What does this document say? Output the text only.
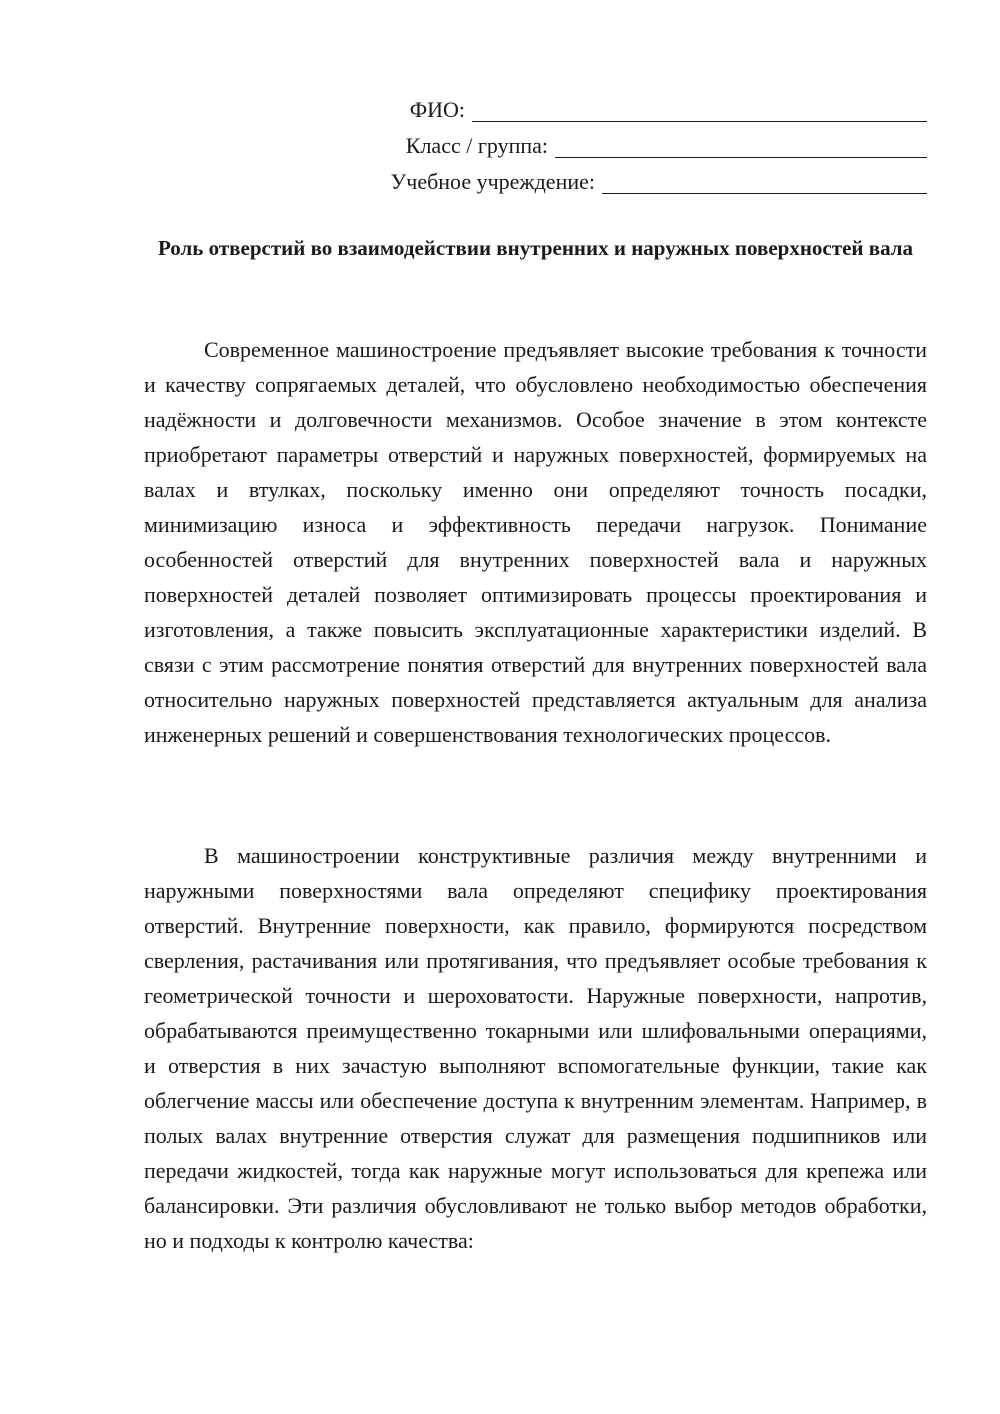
ФИО:
Класс / группа:
Учебное учреждение:
Роль отверстий во взаимодействии внутренних и наружных поверхностей вала

Современное машиностроение предъявляет высокие требования к точности и качеству сопрягаемых деталей, что обусловлено необходимостью обеспечения надёжности и долговечности механизмов. Особое значение в этом контексте приобретают параметры отверстий и наружных поверхностей, формируемых на валах и втулках, поскольку именно они определяют точность посадки, минимизацию износа и эффективность передачи нагрузок. Понимание особенностей отверстий для внутренних поверхностей вала и наружных поверхностей деталей позволяет оптимизировать процессы проектирования и изготовления, а также повысить эксплуатационные характеристики изделий. В связи с этим рассмотрение понятия отверстий для внутренних поверхностей вала относительно наружных поверхностей представляется актуальным для анализа инженерных решений и совершенствования технологических процессов.

В машиностроении конструктивные различия между внутренними и наружными поверхностями вала определяют специфику проектирования отверстий. Внутренние поверхности, как правило, формируются посредством сверления, растачивания или протягивания, что предъявляет особые требования к геометрической точности и шероховатости. Наружные поверхности, напротив, обрабатываются преимущественно токарными или шлифовальными операциями, и отверстия в них зачастую выполняют вспомогательные функции, такие как облегчение массы или обеспечение доступа к внутренним элементам. Например, в полых валах внутренние отверстия служат для размещения подшипников или передачи жидкостей, тогда как наружные могут использоваться для крепежа или балансировки. Эти различия обусловливают не только выбор методов обработки, но и подходы к контролю качества:
